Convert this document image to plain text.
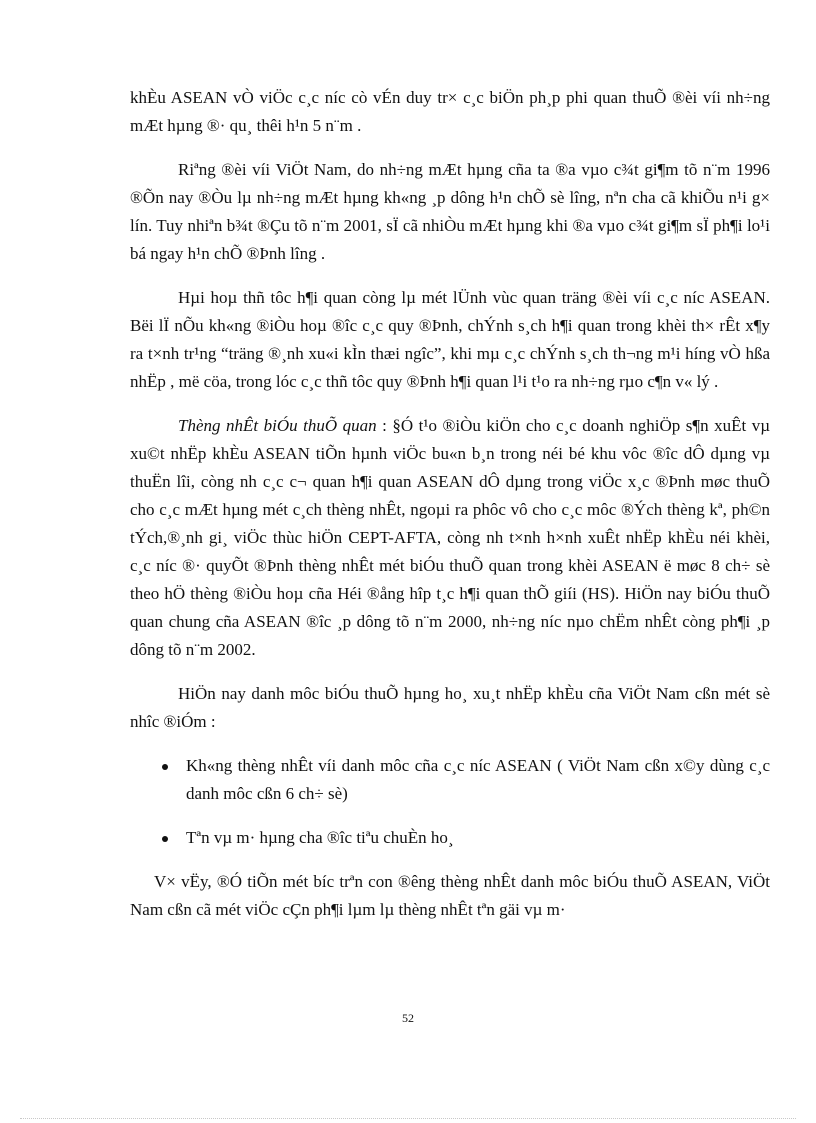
khÈu ASEAN vÒ viÖc c¸c níc cò vÉn duy tr× c¸c biÖn ph¸p phi quan thuÕ ®èi víi nh÷ng mÆt hµng ®· qu¸ thêi h¹n 5 n¨m .

Riªng ®èi víi ViÖt Nam, do nh÷ng mÆt hµng cña ta ®a vµo c¾t gi¶m tõ n¨m 1996 ®Õn nay ®Òu lµ nh÷ng mÆt hµng kh«ng ¸p dông h¹n chÕ sè lîng, nªn cha cã khiÕu n¹i g× lín. Tuy nhiªn b¾t ®Çu tõ n¨m 2001, sÏ cã nhiÒu mÆt hµng khi ®a vµo c¾t gi¶m sÏ ph¶i lo¹i bá ngay h¹n chÕ ®Þnh lîng .

Hµi hoµ thñ tôc h¶i quan còng lµ mét lÜnh vùc quan träng ®èi víi c¸c níc ASEAN. Bëi lÏ nÕu kh«ng ®iÒu hoµ ®îc c¸c quy ®Þnh, chÝnh s¸ch h¶i quan trong khèi th× rÊt x¶y ra t×nh tr¹ng “träng ®¸nh xu«i kÌn thæi ngîc”, khi mµ c¸c chÝnh s¸ch th¬ng m¹i híng vÒ hßa nhËp , më cöa, trong lóc c¸c thñ tôc quy ®Þnh h¶i quan l¹i t¹o ra nh÷ng rµo c¶n v« lý .

Thèng nhÊt biÓu thuÕ quan : §Ó t¹o ®iÒu kiÖn cho c¸c doanh nghiÖp s¶n xuÊt vµ xu©t nhËp khÈu ASEAN tiÕn hµnh viÖc bu«n b¸n trong néi bé khu vôc ®îc dÔ dµng vµ thuËn lîi, còng nh c¸c c¬ quan h¶i quan ASEAN dÔ dµng trong viÖc x¸c ®Þnh møc thuÕ cho c¸c mÆt hµng mét c¸ch thèng nhÊt, ngoµi ra phôc vô cho c¸c môc ®Ých thèng kª, ph©n tÝch,®¸nh gi¸ viÖc thùc hiÖn CEPT-AFTA, còng nh t×nh h×nh xuÊt nhËp khÈu néi khèi, c¸c níc ®· quyÕt ®Þnh thèng nhÊt mét biÓu thuÕ quan trong khèi ASEAN ë møc 8 ch÷ sè theo hÖ thèng ®iÒu hoµ cña Héi ®ång hîp t¸c h¶i quan thÕ giíi (HS). HiÖn nay biÓu thuÕ quan chung cña ASEAN ®îc ¸p dông tõ n¨m 2000, nh÷ng níc nµo chËm nhÊt còng ph¶i ¸p dông tõ n¨m 2002.

HiÖn nay danh môc biÓu thuÕ hµng ho¸ xu¸t nhËp khÈu cña ViÖt Nam cßn mét sè nhîc ®iÓm :

Kh«ng thèng nhÊt víi danh môc cña c¸c níc ASEAN ( ViÖt Nam cßn x©y dùng c¸c danh môc cßn 6 ch÷ sè)
Tªn vµ m· hµng cha ®îc tiªu chuÈn ho¸

V× vËy, ®Ó tiÕn mét bíc trªn con ®êng thèng nhÊt danh môc biÓu thuÕ ASEAN, ViÖt Nam cßn cã mét viÖc cÇn ph¶i lµm lµ thèng nhÊt tªn gäi vµ m·

52
